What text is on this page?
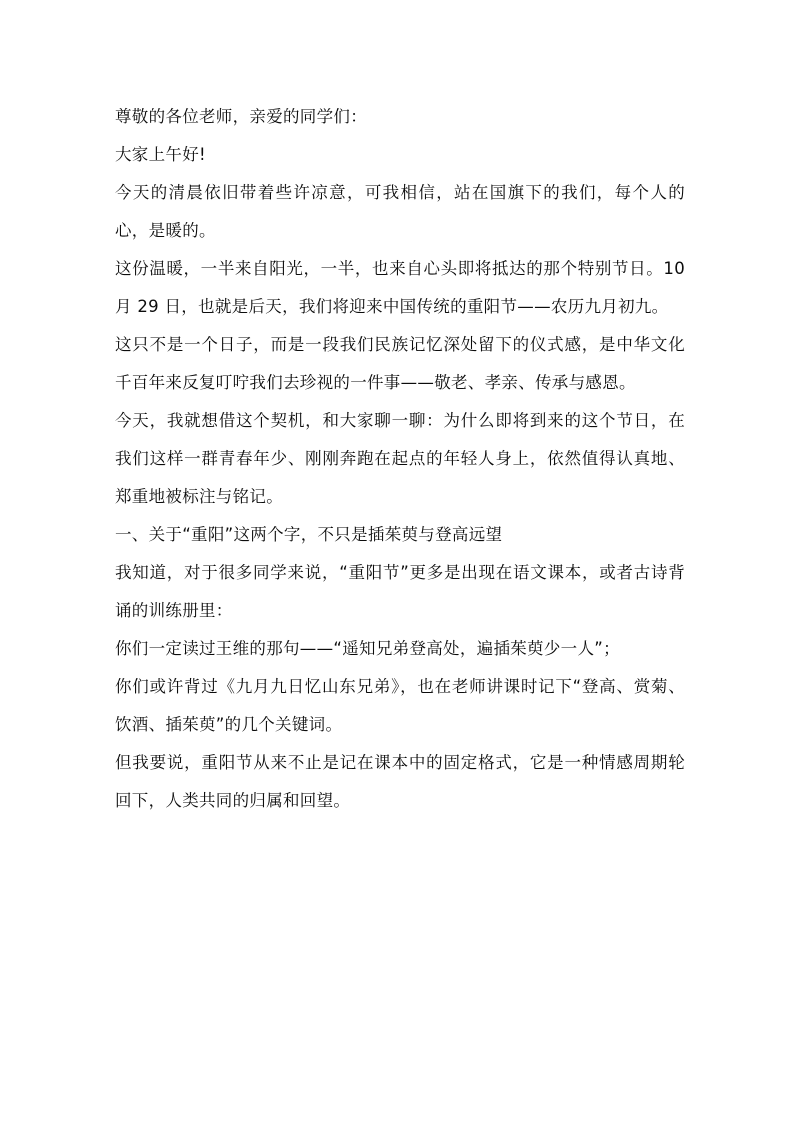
尊敬的各位老师，亲爱的同学们：

大家上午好!

今天的清晨依旧带着些许凉意，可我相信，站在国旗下的我们，每个人的心，是暖的。

这份温暖，一半来自阳光，一半，也来自心头即将抵达的那个特别节日。10 月 29 日，也就是后天，我们将迎来中国传统的重阳节——农历九月初九。

这只不是一个日子，而是一段我们民族记忆深处留下的仪式感，是中华文化千百年来反复叮咛我们去珍视的一件事——敬老、孝亲、传承与感恩。

今天，我就想借这个契机，和大家聊一聊：为什么即将到来的这个节日，在我们这样一群青春年少、刚刚奔跑在起点的年轻人身上，依然值得认真地、郑重地被标注与铭记。

一、关于“重阳”这两个字，不只是插茱萸与登高远望

我知道，对于很多同学来说，“重阳节”更多是出现在语文课本，或者古诗背诵的训练册里：

你们一定读过王维的那句——“遥知兄弟登高处，遍插茱萸少一人”；

你们或许背过《九月九日忆山东兄弟》，也在老师讲课时记下“登高、赏菊、饮酒、插茱萸”的几个关键词。

但我要说，重阳节从来不止是记在课本中的固定格式，它是一种情感周期轮回下，人类共同的归属和回望。
